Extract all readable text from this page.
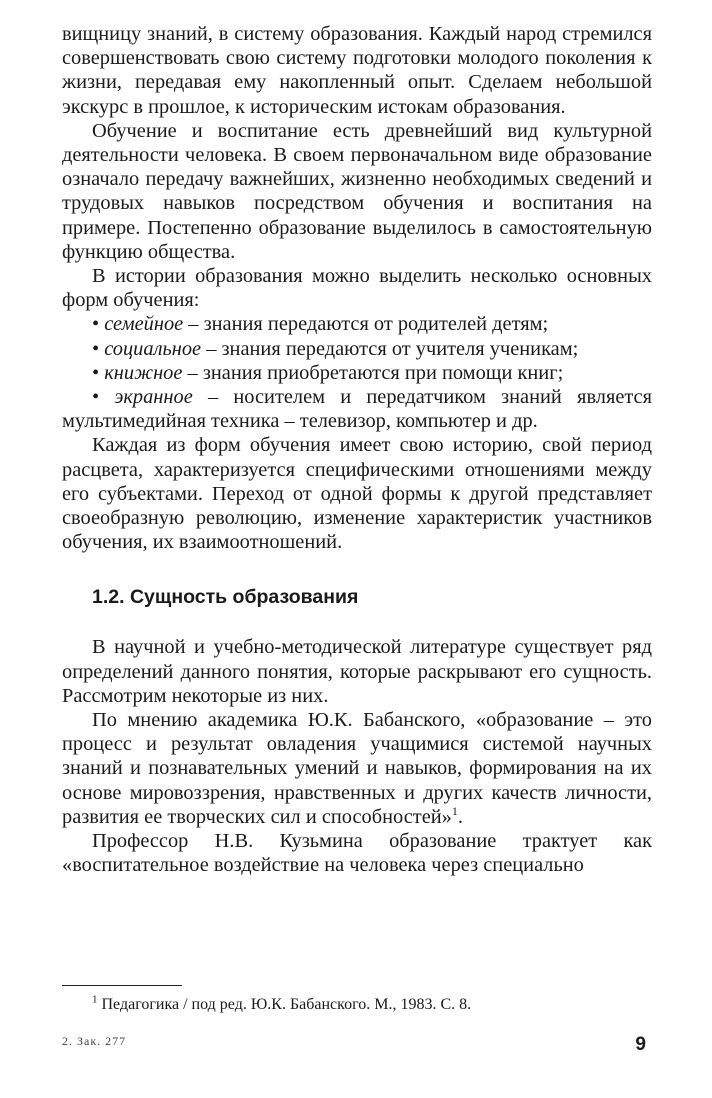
вищницу знаний, в систему образования. Каждый народ стремился совершенствовать свою систему подготовки молодого поколения к жизни, передавая ему накопленный опыт. Сделаем небольшой экскурс в прошлое, к историческим истокам образования.

Обучение и воспитание есть древнейший вид культурной деятельности человека. В своем первоначальном виде образование означало передачу важнейших, жизненно необходимых сведений и трудовых навыков посредством обучения и воспитания на примере. Постепенно образование выделилось в самостоятельную функцию общества.

В истории образования можно выделить несколько основных форм обучения:

• семейное – знания передаются от родителей детям;
• социальное – знания передаются от учителя ученикам;
• книжное – знания приобретаются при помощи книг;
• экранное – носителем и передатчиком знаний является мультимедийная техника – телевизор, компьютер и др.

Каждая из форм обучения имеет свою историю, свой период расцвета, характеризуется специфическими отношениями между его субъектами. Переход от одной формы к другой представляет своеобразную революцию, изменение характеристик участников обучения, их взаимоотношений.

1.2. Сущность образования

В научной и учебно-методической литературе существует ряд определений данного понятия, которые раскрывают его сущность. Рассмотрим некоторые из них.

По мнению академика Ю.К. Бабанского, «образование – это процесс и результат овладения учащимися системой научных знаний и познавательных умений и навыков, формирования на их основе мировоззрения, нравственных и других качеств личности, развития ее творческих сил и способностей»$^1$.

Профессор Н.В. Кузьмина образование трактует как «воспитательное воздействие на человека через специально

$^1$ Педагогика / под ред. Ю.К. Бабанского. М., 1983. С. 8.
2. Зак. 277	9
